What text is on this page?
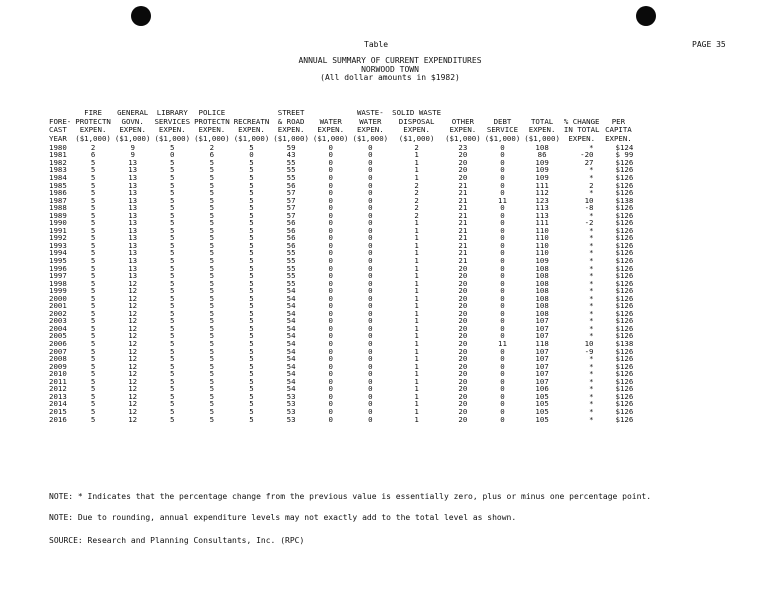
Table	PAGE 35
ANNUAL SUMMARY OF CURRENT EXPENDITURES
NORWOOD TOWN
(All dollar amounts in $1982)
	FIRE	GENERAL	LIBRARY	POLICE		STREET		WASTE-	SOLID WASTE					
FORE-	PROTECTN	GOVN.	SERVICES	PROTECTN	RECREATN	& ROAD	WATER	WATER	DISPOSAL	OTHER	DEBT	TOTAL	% CHANGE	PER
CAST	EXPEN.	EXPEN.	EXPEN.	EXPEN.	EXPEN.	EXPEN.	EXPEN.	EXPEN.	EXPEN.	EXPEN.	SERVICE	EXPEN.	IN TOTAL	CAPITA
YEAR	($1,000)	($1,000)	($1,000)	($1,000)	($1,000)	($1,000)	($1,000)	($1,000)	($1,000)	($1,000)	($1,000)	($1,000)	EXPEN.	EXPEN.
1980	2	9	5	2	5	59	0	0	2	23	0	108	*	$ 124
1981	6	9	0	6	0	43	0	0	1	20	0	86	-20	$ 99
1982	5	13	5	5	5	55	0	0	1	20	0	109	27	$ 126
1983	5	13	5	5	5	55	0	0	1	20	0	109	*	$ 126
1984	5	13	5	5	5	55	0	0	1	20	0	109	*	$ 126
1985	5	13	5	5	5	56	0	0	2	21	0	111	2	$ 126
1986	5	13	5	5	5	57	0	0	2	21	0	112	*	$ 126
1987	5	13	5	5	5	57	0	0	2	21	11	123	10	$ 138
1988	5	13	5	5	5	57	0	0	2	21	0	113	-8	$ 126
1989	5	13	5	5	5	57	0	0	2	21	0	113	*	$ 126
1990	5	13	5	5	5	56	0	0	1	21	0	111	-2	$ 126
1991	5	13	5	5	5	56	0	0	1	21	0	110	*	$ 126
1992	5	13	5	5	5	56	0	0	1	21	0	110	*	$ 126
1993	5	13	5	5	5	56	0	0	1	21	0	110	*	$ 126
1994	5	13	5	5	5	55	0	0	1	21	0	110	*	$ 126
1995	5	13	5	5	5	55	0	0	1	21	0	109	*	$ 126
1996	5	13	5	5	5	55	0	0	1	20	0	108	*	$ 126
1997	5	13	5	5	5	55	0	0	1	20	0	108	*	$ 126
1998	5	12	5	5	5	55	0	0	1	20	0	108	*	$ 126
1999	5	12	5	5	5	54	0	0	1	20	0	108	*	$ 126
2000	5	12	5	5	5	54	0	0	1	20	0	108	*	$ 126
2001	5	12	5	5	5	54	0	0	1	20	0	108	*	$ 126
2002	5	12	5	5	5	54	0	0	1	20	0	108	*	$ 126
2003	5	12	5	5	5	54	0	0	1	20	0	107	*	$ 126
2004	5	12	5	5	5	54	0	0	1	20	0	107	*	$ 126
2005	5	12	5	5	5	54	0	0	1	20	0	107	*	$ 126
2006	5	12	5	5	5	54	0	0	1	20	11	118	10	$ 138
2007	5	12	5	5	5	54	0	0	1	20	0	107	-9	$ 126
2008	5	12	5	5	5	54	0	0	1	20	0	107	*	$ 126
2009	5	12	5	5	5	54	0	0	1	20	0	107	*	$ 126
2010	5	12	5	5	5	54	0	0	1	20	0	107	*	$ 126
2011	5	12	5	5	5	54	0	0	1	20	0	107	*	$ 126
2012	5	12	5	5	5	54	0	0	1	20	0	106	*	$ 126
2013	5	12	5	5	5	53	0	0	1	20	0	105	*	$ 126
2014	5	12	5	5	5	53	0	0	1	20	0	105	*	$ 126
2015	5	12	5	5	5	53	0	0	1	20	0	105	*	$ 126
2016	5	12	5	5	5	53	0	0	1	20	0	105	*	$ 126

NOTE: * Indicates that the percentage change from the previous value is essentially zero, plus or minus one percentage point.

NOTE: Due to rounding, annual expenditure levels may not exactly add to the total level as shown.

SOURCE: Research and Planning Consultants, Inc. (RPC)
